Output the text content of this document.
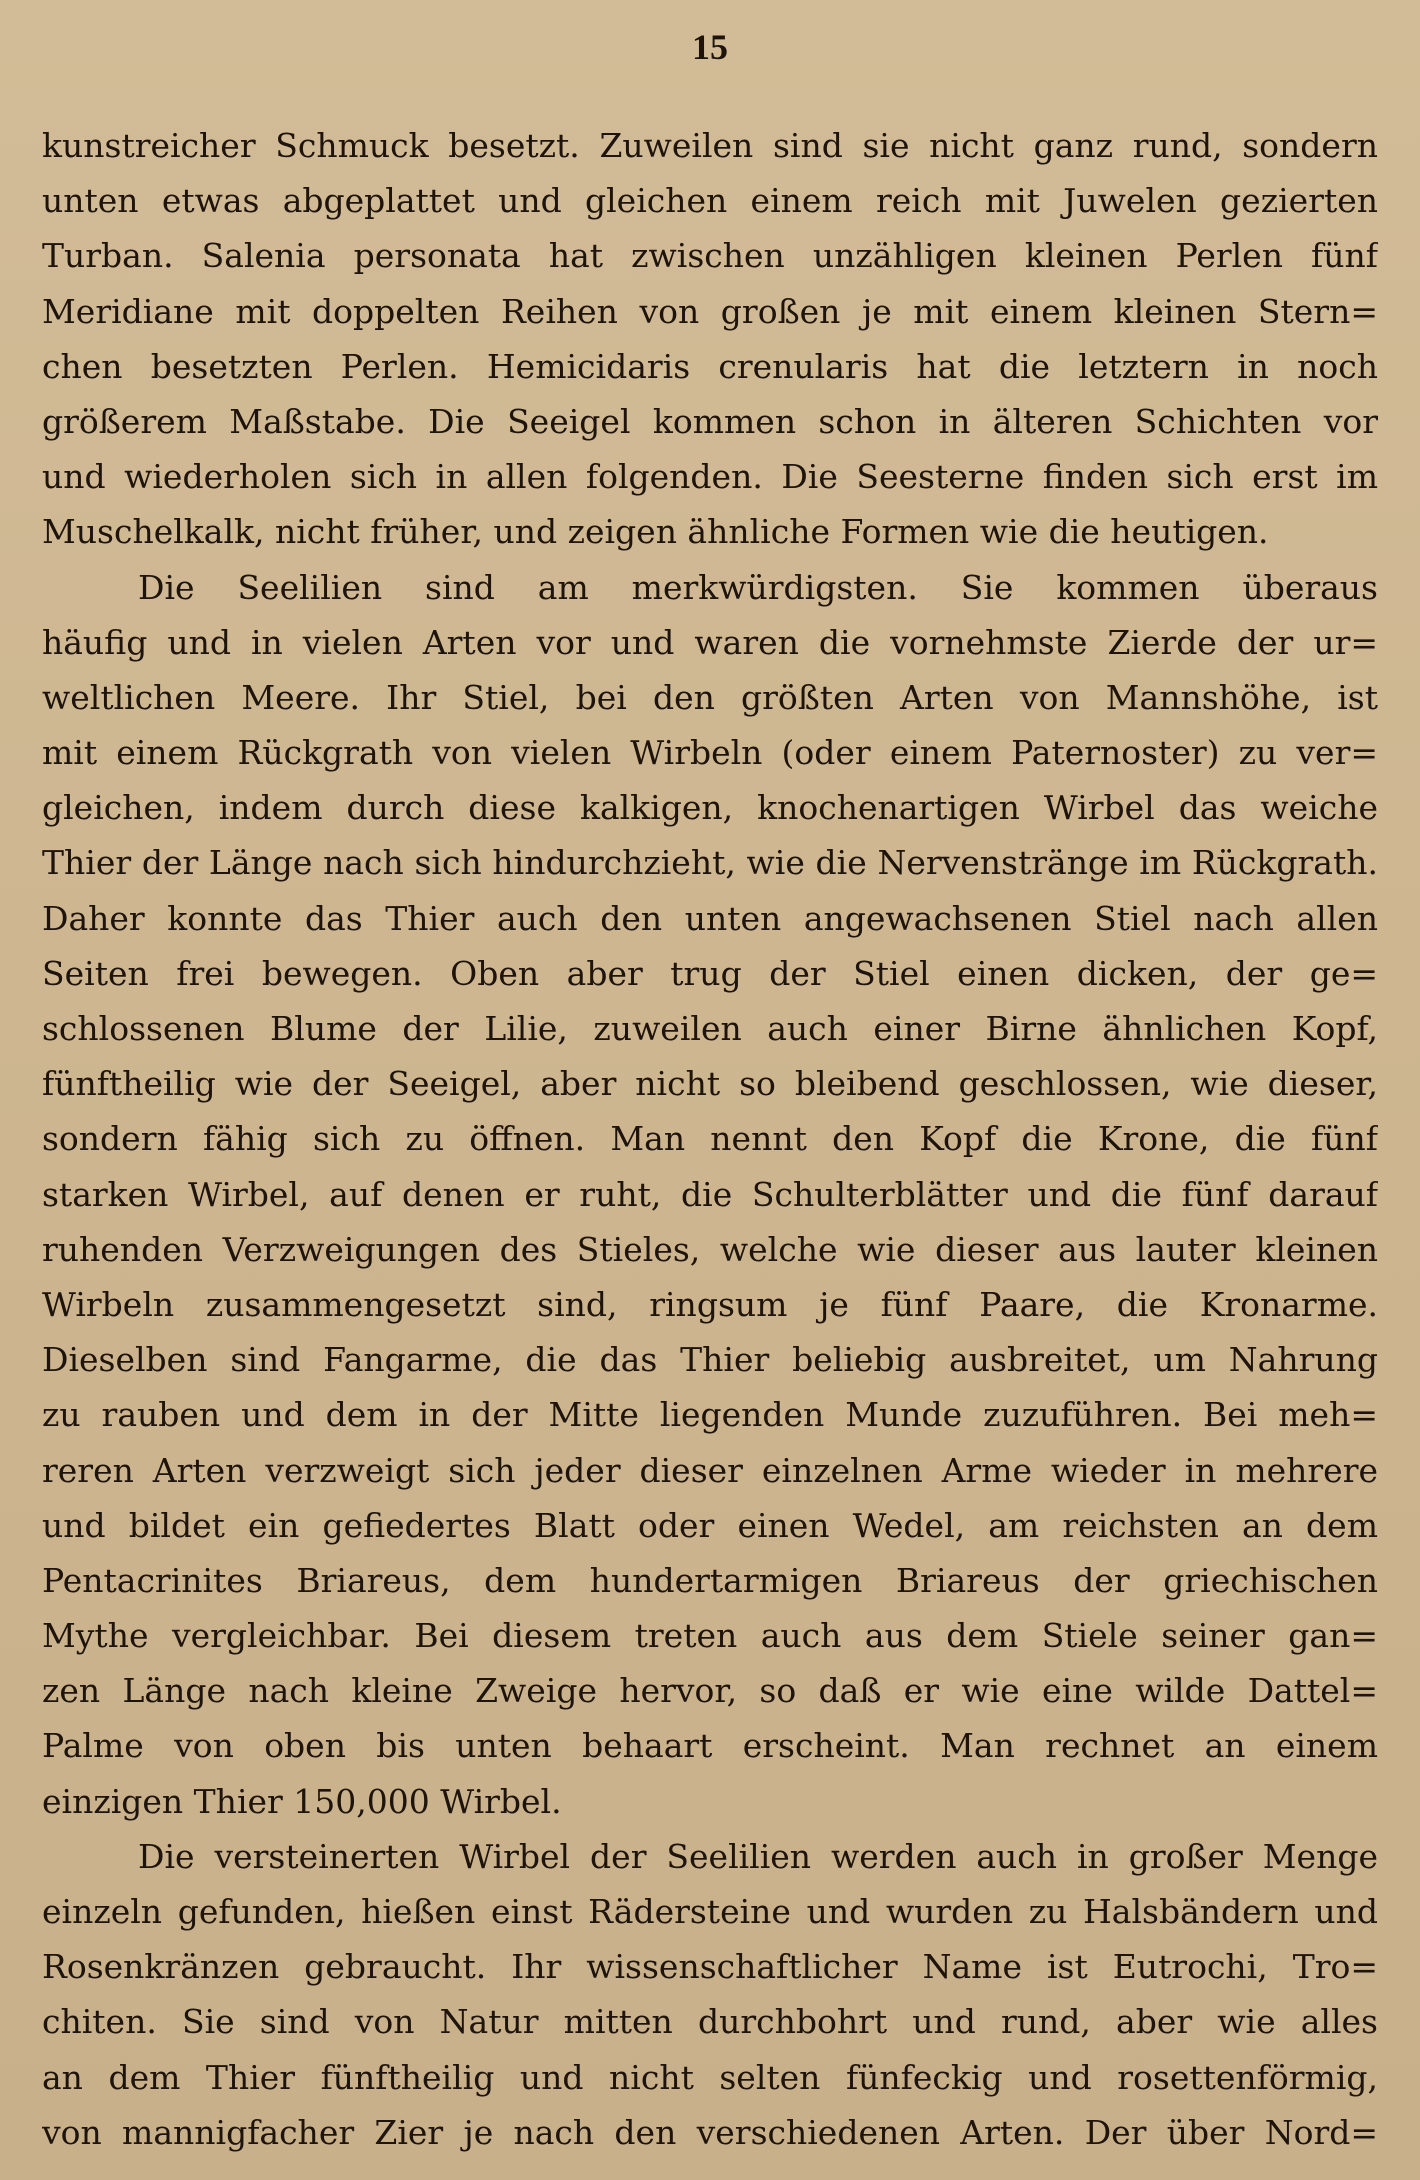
15
kunstreicher Schmuck besetzt. Zuweilen sind sie nicht ganz rund, sondern
unten etwas abgeplattet und gleichen einem reich mit Juwelen gezierten
Turban. Salenia personata hat zwischen unzähligen kleinen Perlen fünf
Meridiane mit doppelten Reihen von großen je mit einem kleinen Stern=
chen besetzten Perlen. Hemicidaris crenularis hat die letztern in noch
größerem Maßstabe. Die Seeigel kommen schon in älteren Schichten vor
und wiederholen sich in allen folgenden. Die Seesterne finden sich erst im
Muschelkalk, nicht früher, und zeigen ähnliche Formen wie die heutigen.
Die Seelilien sind am merkwürdigsten. Sie kommen überaus
häufig und in vielen Arten vor und waren die vornehmste Zierde der ur=
weltlichen Meere. Ihr Stiel, bei den größten Arten von Mannshöhe, ist
mit einem Rückgrath von vielen Wirbeln (oder einem Paternoster) zu ver=
gleichen, indem durch diese kalkigen, knochenartigen Wirbel das weiche
Thier der Länge nach sich hindurchzieht, wie die Nervenstränge im Rückgrath.
Daher konnte das Thier auch den unten angewachsenen Stiel nach allen
Seiten frei bewegen. Oben aber trug der Stiel einen dicken, der ge=
schlossenen Blume der Lilie, zuweilen auch einer Birne ähnlichen Kopf,
fünftheilig wie der Seeigel, aber nicht so bleibend geschlossen, wie dieser,
sondern fähig sich zu öffnen. Man nennt den Kopf die Krone, die fünf
starken Wirbel, auf denen er ruht, die Schulterblätter und die fünf darauf
ruhenden Verzweigungen des Stieles, welche wie dieser aus lauter kleinen
Wirbeln zusammengesetzt sind, ringsum je fünf Paare, die Kronarme.
Dieselben sind Fangarme, die das Thier beliebig ausbreitet, um Nahrung
zu rauben und dem in der Mitte liegenden Munde zuzuführen. Bei meh=
reren Arten verzweigt sich jeder dieser einzelnen Arme wieder in mehrere
und bildet ein gefiedertes Blatt oder einen Wedel, am reichsten an dem
Pentacrinites Briareus, dem hundertarmigen Briareus der griechischen
Mythe vergleichbar. Bei diesem treten auch aus dem Stiele seiner gan=
zen Länge nach kleine Zweige hervor, so daß er wie eine wilde Dattel=
Palme von oben bis unten behaart erscheint. Man rechnet an einem
einzigen Thier 150,000 Wirbel.
Die versteinerten Wirbel der Seelilien werden auch in großer Menge
einzeln gefunden, hießen einst Rädersteine und wurden zu Halsbändern und
Rosenkränzen gebraucht. Ihr wissenschaftlicher Name ist Eutrochi, Tro=
chiten. Sie sind von Natur mitten durchbohrt und rund, aber wie alles
an dem Thier fünftheilig und nicht selten fünfeckig und rosettenförmig,
von mannigfacher Zier je nach den verschiedenen Arten. Der über Nord=
